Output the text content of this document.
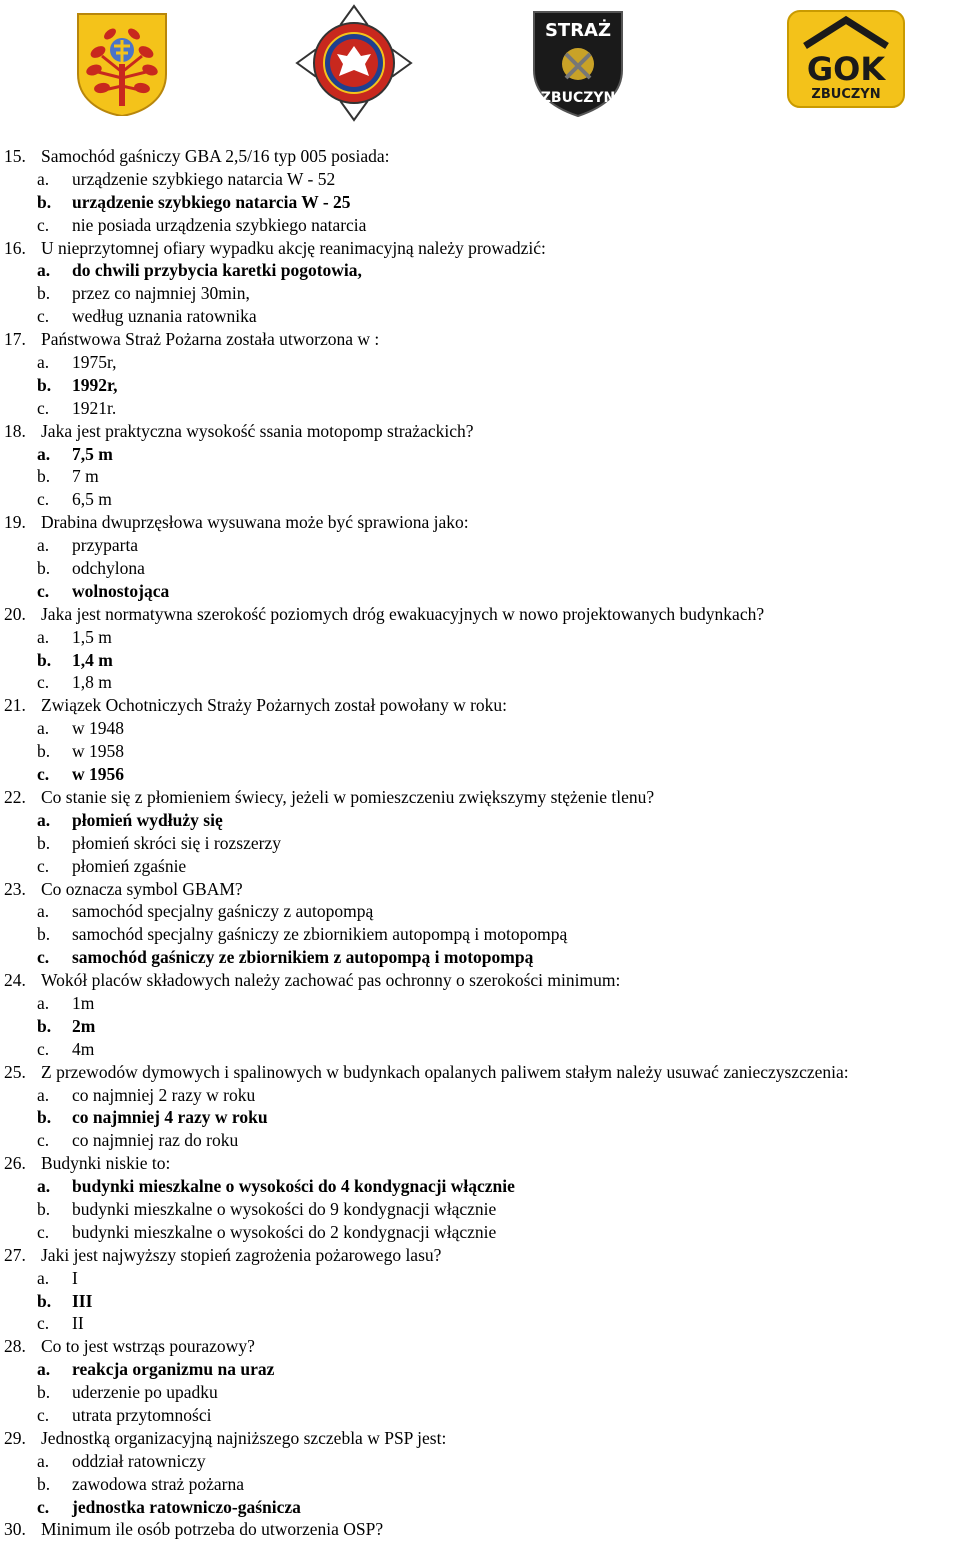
STRAŻ
ZBUCZYN
GOK
ZBUCZYN
15. Samochód gaśniczy GBA 2,5/16 typ 005 posiada:
a. urządzenie szybkiego natarcia W - 52
b. urządzenie szybkiego natarcia W - 25
c. nie posiada urządzenia szybkiego natarcia
16. U nieprzytomnej ofiary wypadku akcję reanimacyjną należy prowadzić:
a. do chwili przybycia karetki pogotowia,
b. przez co najmniej 30min,
c. według uznania ratownika
17. Państwowa Straż Pożarna została utworzona w :
a. 1975r,
b. 1992r,
c. 1921r.
18. Jaka jest praktyczna wysokość ssania motopomp strażackich?
a. 7,5 m
b. 7 m
c. 6,5 m
19. Drabina dwuprzęsłowa wysuwana może być sprawiona jako:
a. przyparta
b. odchylona
c. wolnostojąca
20. Jaka jest normatywna szerokość poziomych dróg ewakuacyjnych w nowo projektowanych budynkach?
a. 1,5 m
b. 1,4 m
c. 1,8 m
21. Związek Ochotniczych Straży Pożarnych został powołany w roku:
a. w 1948
b. w 1958
c. w 1956
22. Co stanie się z płomieniem świecy, jeżeli w pomieszczeniu zwiększymy stężenie tlenu?
a. płomień wydłuży się
b. płomień skróci się i rozszerzy
c. płomień zgaśnie
23. Co oznacza symbol GBAM?
a. samochód specjalny gaśniczy z autopompą
b. samochód specjalny gaśniczy ze zbiornikiem autopompą i motopompą
c. samochód gaśniczy ze zbiornikiem z autopompą i motopompą
24. Wokół placów składowych należy zachować pas ochronny o szerokości minimum:
a. 1m
b. 2m
c. 4m
25. Z przewodów dymowych i spalinowych w budynkach opalanych paliwem stałym należy usuwać zanieczyszczenia:
a. co najmniej 2 razy w roku
b. co najmniej 4 razy w roku
c. co najmniej raz do roku
26. Budynki niskie to:
a. budynki mieszkalne o wysokości do 4 kondygnacji włącznie
b. budynki mieszkalne o wysokości do 9 kondygnacji włącznie
c. budynki mieszkalne o wysokości do 2 kondygnacji włącznie
27. Jaki jest najwyższy stopień zagrożenia pożarowego lasu?
a. I
b. III
c. II
28. Co to jest wstrząs pourazowy?
a. reakcja organizmu na uraz
b. uderzenie po upadku
c. utrata przytomności
29. Jednostką organizacyjną najniższego szczebla w PSP jest:
a. oddział ratowniczy
b. zawodowa straż pożarna
c. jednostka ratowniczo-gaśnicza
30. Minimum ile osób potrzeba do utworzenia OSP?
